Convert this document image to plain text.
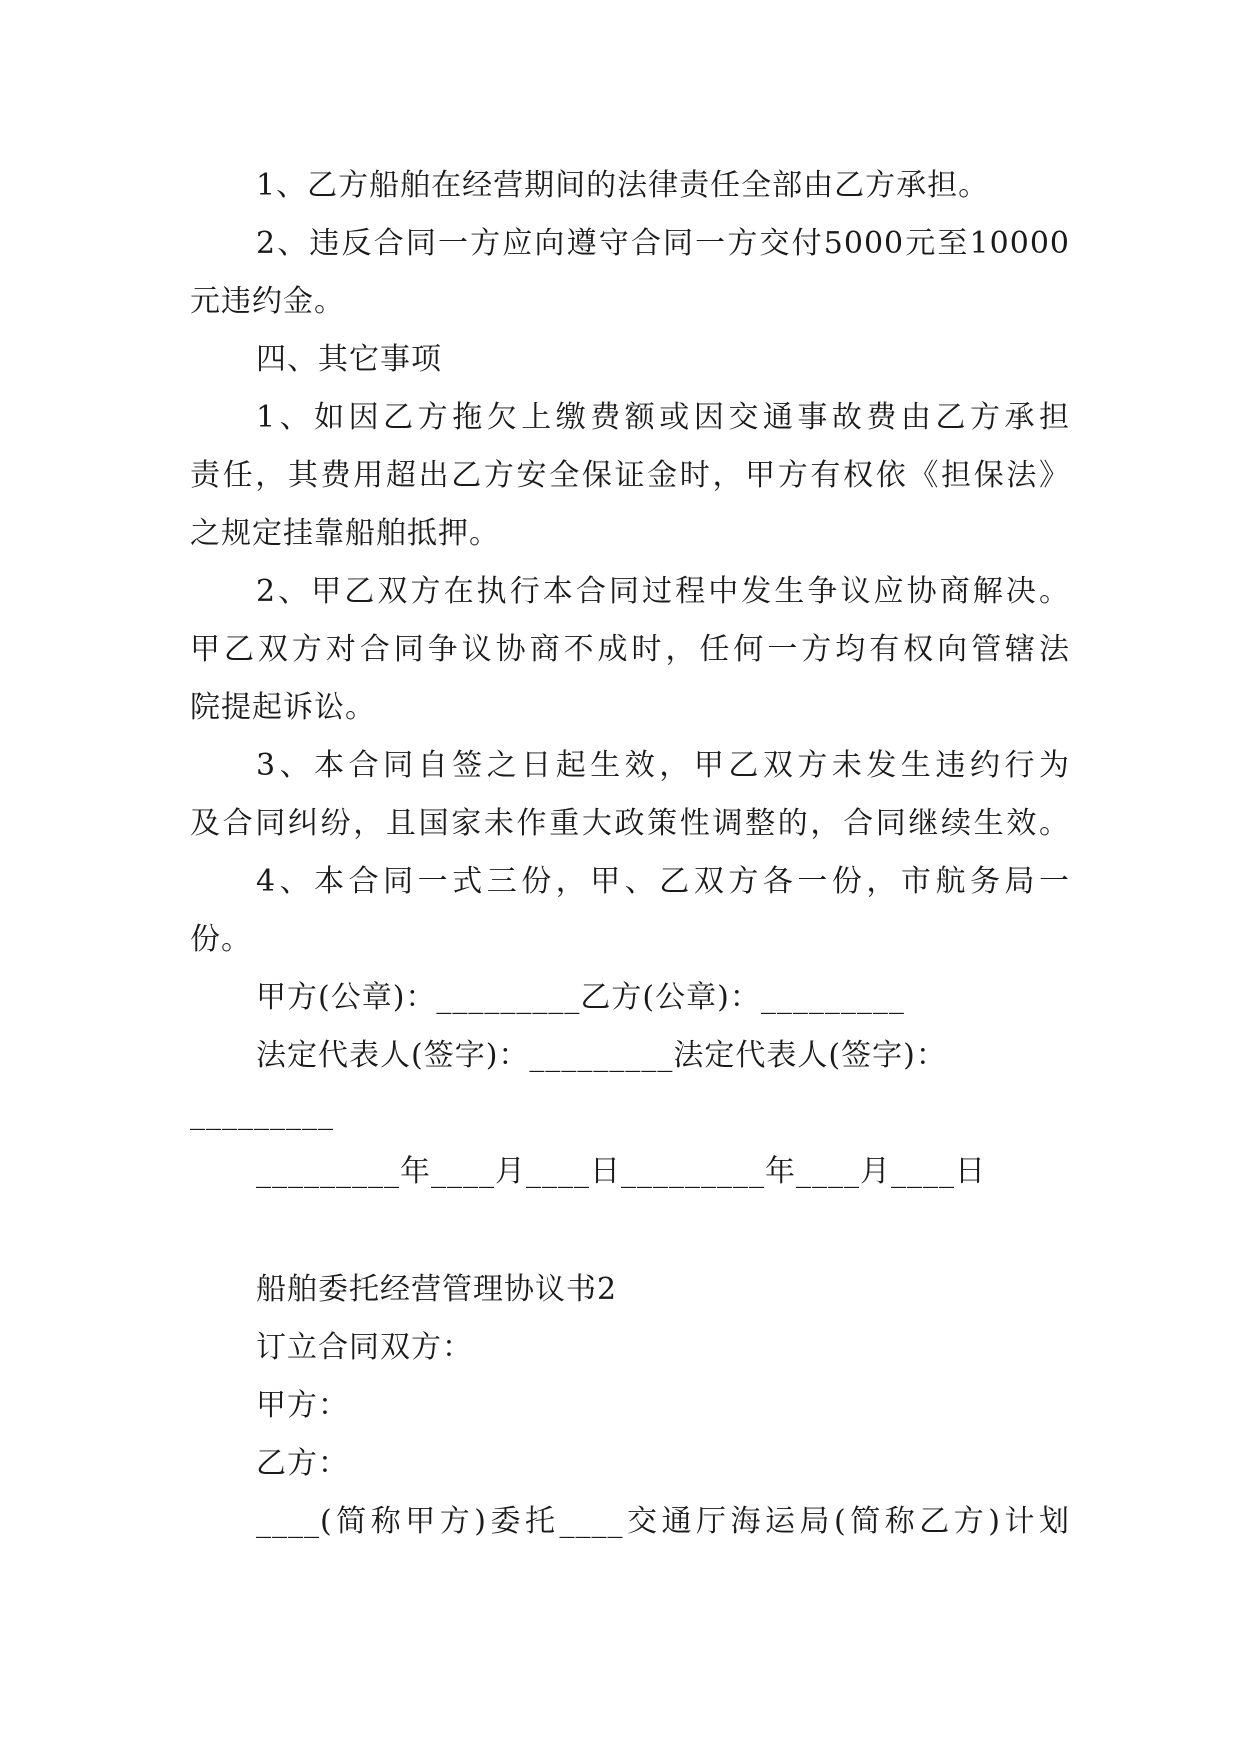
1、乙方船舶在经营期间的法律责任全部由乙方承担。
2、违反合同一方应向遵守合同一方交付5000元至10000
元违约金。
四、其它事项
1、如因乙方拖欠上缴费额或因交通事故费由乙方承担
责任，其费用超出乙方安全保证金时，甲方有权依《担保法》
之规定挂靠船舶抵押。
2、甲乙双方在执行本合同过程中发生争议应协商解决。
甲乙双方对合同争议协商不成时，任何一方均有权向管辖法
院提起诉讼。
3、本合同自签之日起生效，甲乙双方未发生违约行为
及合同纠纷，且国家未作重大政策性调整的，合同继续生效。
4、本合同一式三份，甲、乙双方各一份，市航务局一
份。
甲方(公章)：_________乙方(公章)：_________
法定代表人(签字)：_________法定代表人(签字)：
_________
_________年____月____日_________年____月____日
船舶委托经营管理协议书2
订立合同双方：
甲方：
乙方：
____(简称甲方)委托____交通厅海运局(简称乙方)计划
